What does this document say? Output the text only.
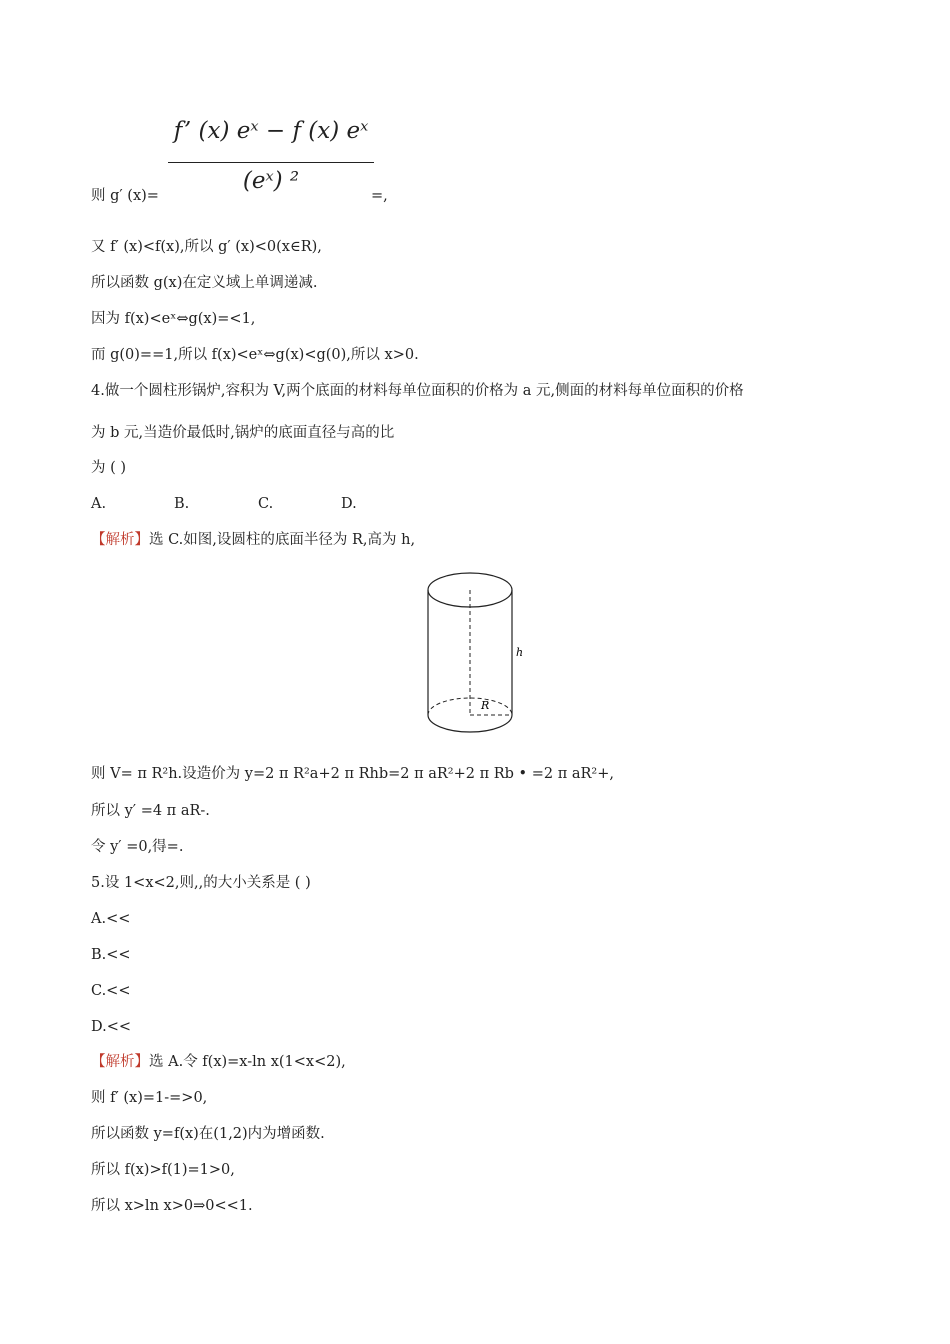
f’ (x) eˣ − f (x) eˣ
(eˣ) ²
则 g′ (x)=	=,
又 f′ (x)<f(x),所以 g′ (x)<0(x∈R),
所以函数 g(x)在定义域上单调递减.
因为 f(x)<eˣ⇔g(x)=<1,
而 g(0)==1,所以 f(x)<eˣ⇔g(x)<g(0),所以 x>0.
4.做一个圆柱形锅炉,容积为 V,两个底面的材料每单位面积的价格为 a 元,侧面的材料每单位面积的价格
为 b 元,当造价最低时,锅炉的底面直径与高的比
为 ( )
A.	B.	C.	D.
【解析】选 C.如图,设圆柱的底面半径为 R,高为 h,
h
R
则 V= π R²h.设造价为 y=2 π R²a+2 π Rhb=2 π aR²+2 π Rb • =2 π aR²+,
所以 y′ =4 π aR-.
令 y′ =0,得=.
5.设 1<x<2,则,,的大小关系是 ( )
A.<<
B.<<
C.<<
D.<<
【解析】选 A.令 f(x)=x-ln x(1<x<2),
则 f′ (x)=1-=>0,
所以函数 y=f(x)在(1,2)内为增函数.
所以 f(x)>f(1)=1>0,
所以 x>ln x>0⇒0<<1.
